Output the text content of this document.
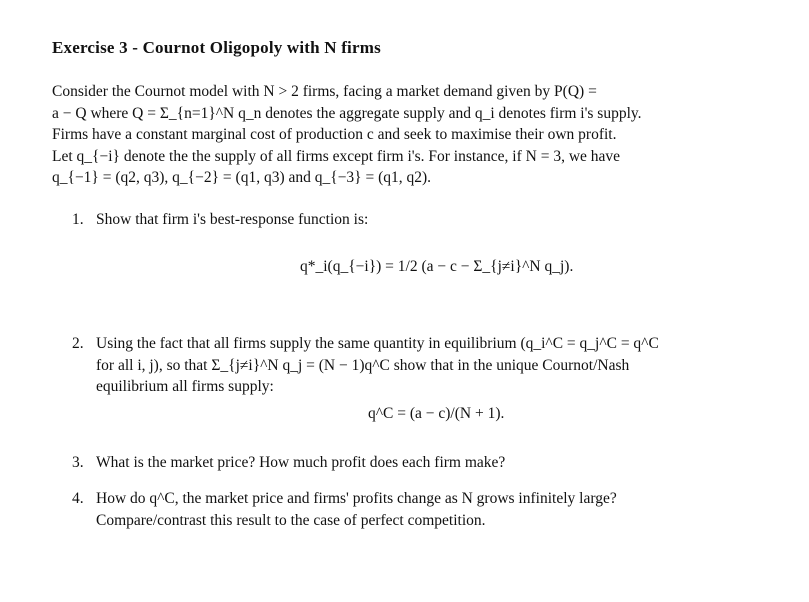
Exercise 3 - Cournot Oligopoly with N firms
Consider the Cournot model with N > 2 firms, facing a market demand given by P(Q) =
a − Q where Q = Σ_{n=1}^N q_n denotes the aggregate supply and q_i denotes firm i's supply.
Firms have a constant marginal cost of production c and seek to maximise their own profit.
Let q_{−i} denote the the supply of all firms except firm i's. For instance, if N = 3, we have
q_{−1} = (q2, q3), q_{−2} = (q1, q3) and q_{−3} = (q1, q2).
1. Show that firm i's best-response function is:
q*_i(q_{−i}) = 1/2 (a − c − Σ_{j≠i}^N q_j).
2. Using the fact that all firms supply the same quantity in equilibrium (q_i^C = q_j^C = q^C
for all i, j), so that Σ_{j≠i}^N q_j = (N − 1)q^C show that in the unique Cournot/Nash
equilibrium all firms supply:
q^C = (a − c)/(N + 1).
3. What is the market price? How much profit does each firm make?
4. How do q^C, the market price and firms' profits change as N grows infinitely large?
Compare/contrast this result to the case of perfect competition.
